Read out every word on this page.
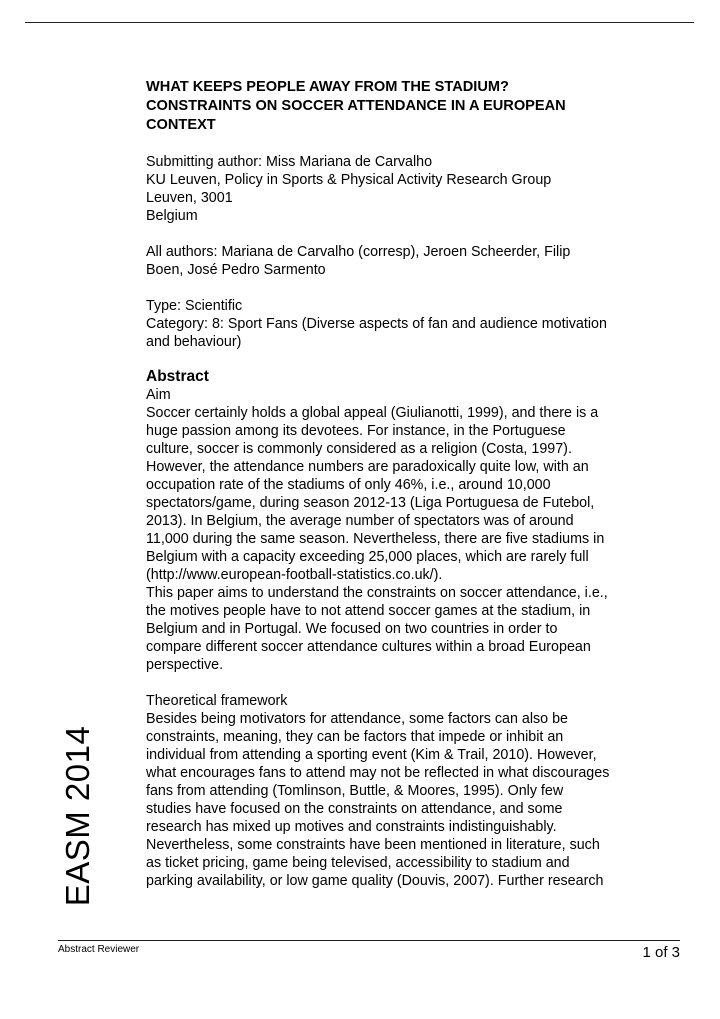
WHAT KEEPS PEOPLE AWAY FROM THE STADIUM?
CONSTRAINTS ON SOCCER ATTENDANCE IN A EUROPEAN
CONTEXT
Submitting author: Miss Mariana de Carvalho
KU Leuven, Policy in Sports & Physical Activity Research Group
Leuven, 3001
Belgium
All authors: Mariana de Carvalho (corresp), Jeroen Scheerder, Filip
Boen, José Pedro Sarmento
Type: Scientific
Category: 8: Sport Fans (Diverse aspects of fan and audience motivation
and behaviour)
Abstract
Aim
Soccer certainly holds a global appeal (Giulianotti, 1999), and there is a
huge passion among its devotees. For instance, in the Portuguese
culture, soccer is commonly considered as a religion (Costa, 1997).
However, the attendance numbers are paradoxically quite low, with an
occupation rate of the stadiums of only 46%, i.e., around 10,000
spectators/game, during season 2012-13 (Liga Portuguesa de Futebol,
2013). In Belgium, the average number of spectators was of around
11,000 during the same season. Nevertheless, there are five stadiums in
Belgium with a capacity exceeding 25,000 places, which are rarely full
(http://www.european-football-statistics.co.uk/).
This paper aims to understand the constraints on soccer attendance, i.e.,
the motives people have to not attend soccer games at the stadium, in
Belgium and in Portugal. We focused on two countries in order to
compare different soccer attendance cultures within a broad European
perspective.
Theoretical framework
Besides being motivators for attendance, some factors can also be
constraints, meaning, they can be factors that impede or inhibit an
individual from attending a sporting event (Kim & Trail, 2010). However,
what encourages fans to attend may not be reflected in what discourages
fans from attending (Tomlinson, Buttle, & Moores, 1995). Only few
studies have focused on the constraints on attendance, and some
research has mixed up motives and constraints indistinguishably.
Nevertheless, some constraints have been mentioned in literature, such
as ticket pricing, game being televised, accessibility to stadium and
parking availability, or low game quality (Douvis, 2007). Further research
EASM 2014
Abstract Reviewer	1 of 3
